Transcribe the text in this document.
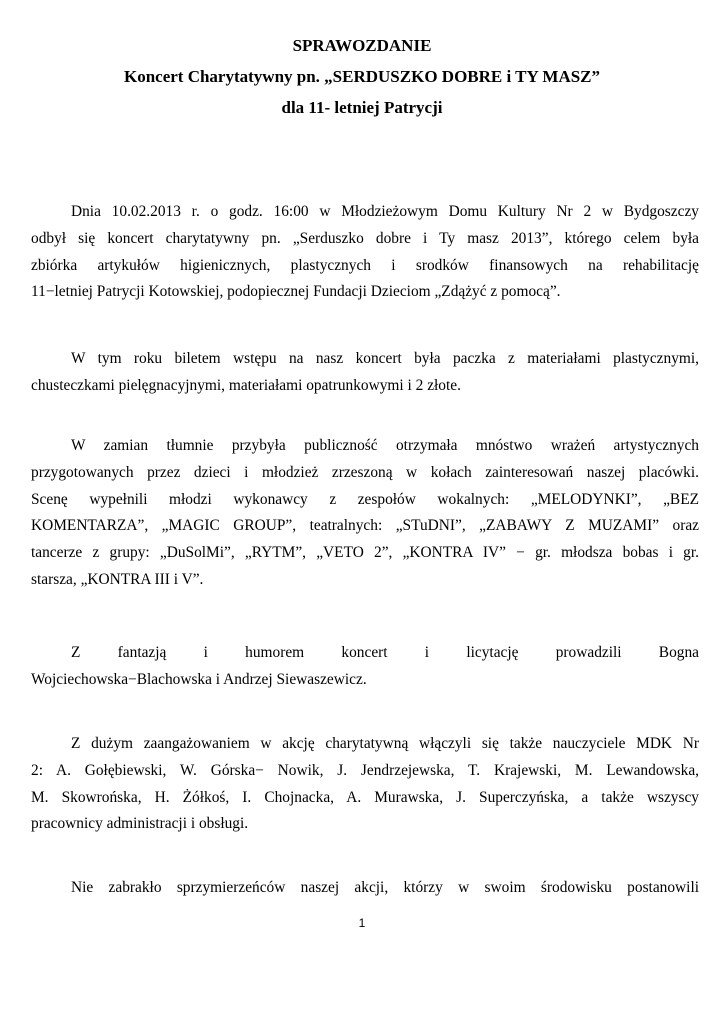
SPRAWOZDANIE
Koncert Charytatywny pn. „SERDUSZKO DOBRE i TY MASZ”
dla 11- letniej Patrycji
Dnia 10.02.2013 r. o godz. 16:00 w Młodzieżowym Domu Kultury Nr 2 w Bydgoszczy
odbył się koncert charytatywny pn. „Serduszko dobre i Ty masz 2013”, którego celem była
zbiórka artykułów higienicznych, plastycznych i srodków finansowych na rehabilitację
11−letniej Patrycji Kotowskiej, podopiecznej Fundacji Dzieciom „Zdążyć z pomocą”.
W tym roku biletem wstępu na nasz koncert była paczka z materiałami plastycznymi,
chusteczkami pielęgnacyjnymi, materiałami opatrunkowymi i 2 złote.
W zamian tłumnie przybyła publiczność otrzymała mnóstwo wrażeń artystycznych
przygotowanych przez dzieci i młodzież zrzeszoną w kołach zainteresowań naszej placówki.
Scenę wypełnili młodzi wykonawcy z zespołów wokalnych: „MELODYNKI”, „BEZ
KOMENTARZA”, „MAGIC GROUP”, teatralnych: „STuDNI”, „ZABAWY Z MUZAMI” oraz
tancerze z grupy: „DuSolMi”, „RYTM”, „VETO 2”, „KONTRA IV” − gr. młodsza bobas i gr.
starsza, „KONTRA III i V”.
Z fantazją i humorem koncert i licytację prowadzili Bogna
Wojciechowska−Blachowska i Andrzej Siewaszewicz.
Z dużym zaangażowaniem w akcję charytatywną włączyli się także nauczyciele MDK Nr
2: A. Gołębiewski, W. Górska− Nowik, J. Jendrzejewska, T. Krajewski, M. Lewandowska,
M. Skowrońska, H. Żółkoś, I. Chojnacka, A. Murawska, J. Superczyńska, a także wszyscy
pracownicy administracji i obsługi.
Nie zabrakło sprzymierzeńców naszej akcji, którzy w swoim środowisku postanowili
1
